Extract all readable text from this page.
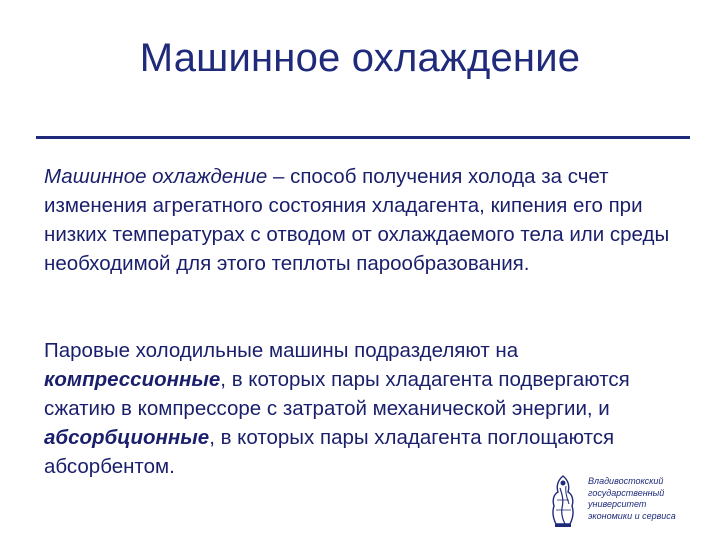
Машинное охлаждение
Машинное охлаждение – способ получения холода за счет изменения агрегатного состояния хладагента, кипения его при низких температурах с отводом от охлаждаемого тела или среды необходимой для этого теплоты парообразования.
Паровые холодильные машины подразделяют на компрессионные, в которых пары хладагента подвергаются сжатию в компрессоре с затратой механической энергии, и абсорбционные, в которых пары хладагента поглощаются абсорбентом.
Владивостокский
государственный
университет
экономики и сервиса
